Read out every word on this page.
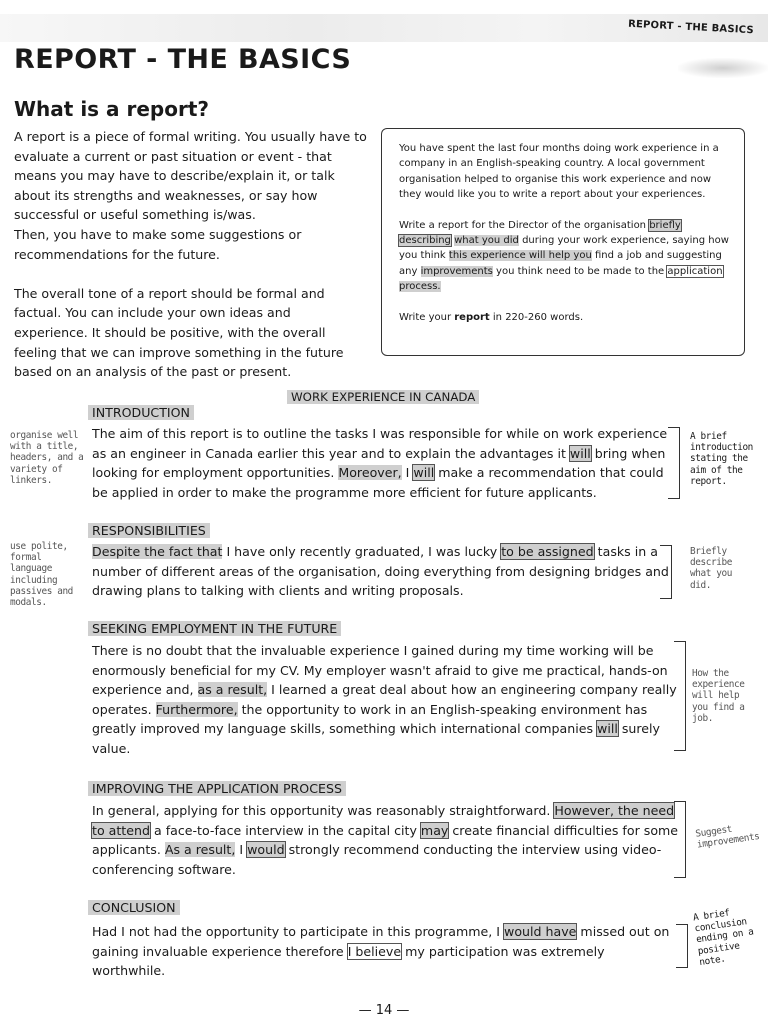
REPORT - THE BASICS
REPORT - THE BASICS
What is a report?

A report is a piece of formal writing. You usually have to evaluate a current or past situation or event - that means you may have to describe/explain it, or talk about its strengths and weaknesses, or say how successful or useful something is/was.

Then, you have to make some suggestions or recommendations for the future.

The overall tone of a report should be formal and factual. You can include your own ideas and experience. It should be positive, with the overall feeling that we can improve something in the future based on an analysis of the past or present.

You have spent the last four months doing work experience in a company in an English-speaking country. A local government organisation helped to organise this work experience and now they would like you to write a report about your experiences.

Write a report for the Director of the organisation briefly describing what you did during your work experience, saying how you think this experience will help you find a job and suggesting any improvements you think need to be made to the application process.

Write your report in 220-260 words.

WORK EXPERIENCE IN CANADA
INTRODUCTION
The aim of this report is to outline the tasks I was responsible for while on work experience as an engineer in Canada earlier this year and to explain the advantages it will bring when looking for employment opportunities. Moreover, I will make a recommendation that could be applied in order to make the programme more efficient for future applicants.
RESPONSIBILITIES
Despite the fact that I have only recently graduated, I was lucky to be assigned tasks in a number of different areas of the organisation, doing everything from designing bridges and drawing plans to talking with clients and writing proposals.
SEEKING EMPLOYMENT IN THE FUTURE
There is no doubt that the invaluable experience I gained during my time working will be enormously beneficial for my CV. My employer wasn't afraid to give me practical, hands-on experience and, as a result, I learned a great deal about how an engineering company really operates. Furthermore, the opportunity to work in an English-speaking environment has greatly improved my language skills, something which international companies will surely value.
IMPROVING THE APPLICATION PROCESS
In general, applying for this opportunity was reasonably straightforward. However, the need to attend a face-to-face interview in the capital city may create financial difficulties for some applicants. As a result, I would strongly recommend conducting the interview using video-conferencing software.
CONCLUSION
Had I not had the opportunity to participate in this programme, I would have missed out on gaining invaluable experience therefore I believe my participation was extremely worthwhile.
organise well with a title, headers, and a variety of linkers.
use polite, formal language including passives and modals.
A brief introduction stating the aim of the report.
Briefly describe what you did.
How the experience will help you find a job.
Suggest improvements
A brief conclusion ending on a positive note.
— 14 —
